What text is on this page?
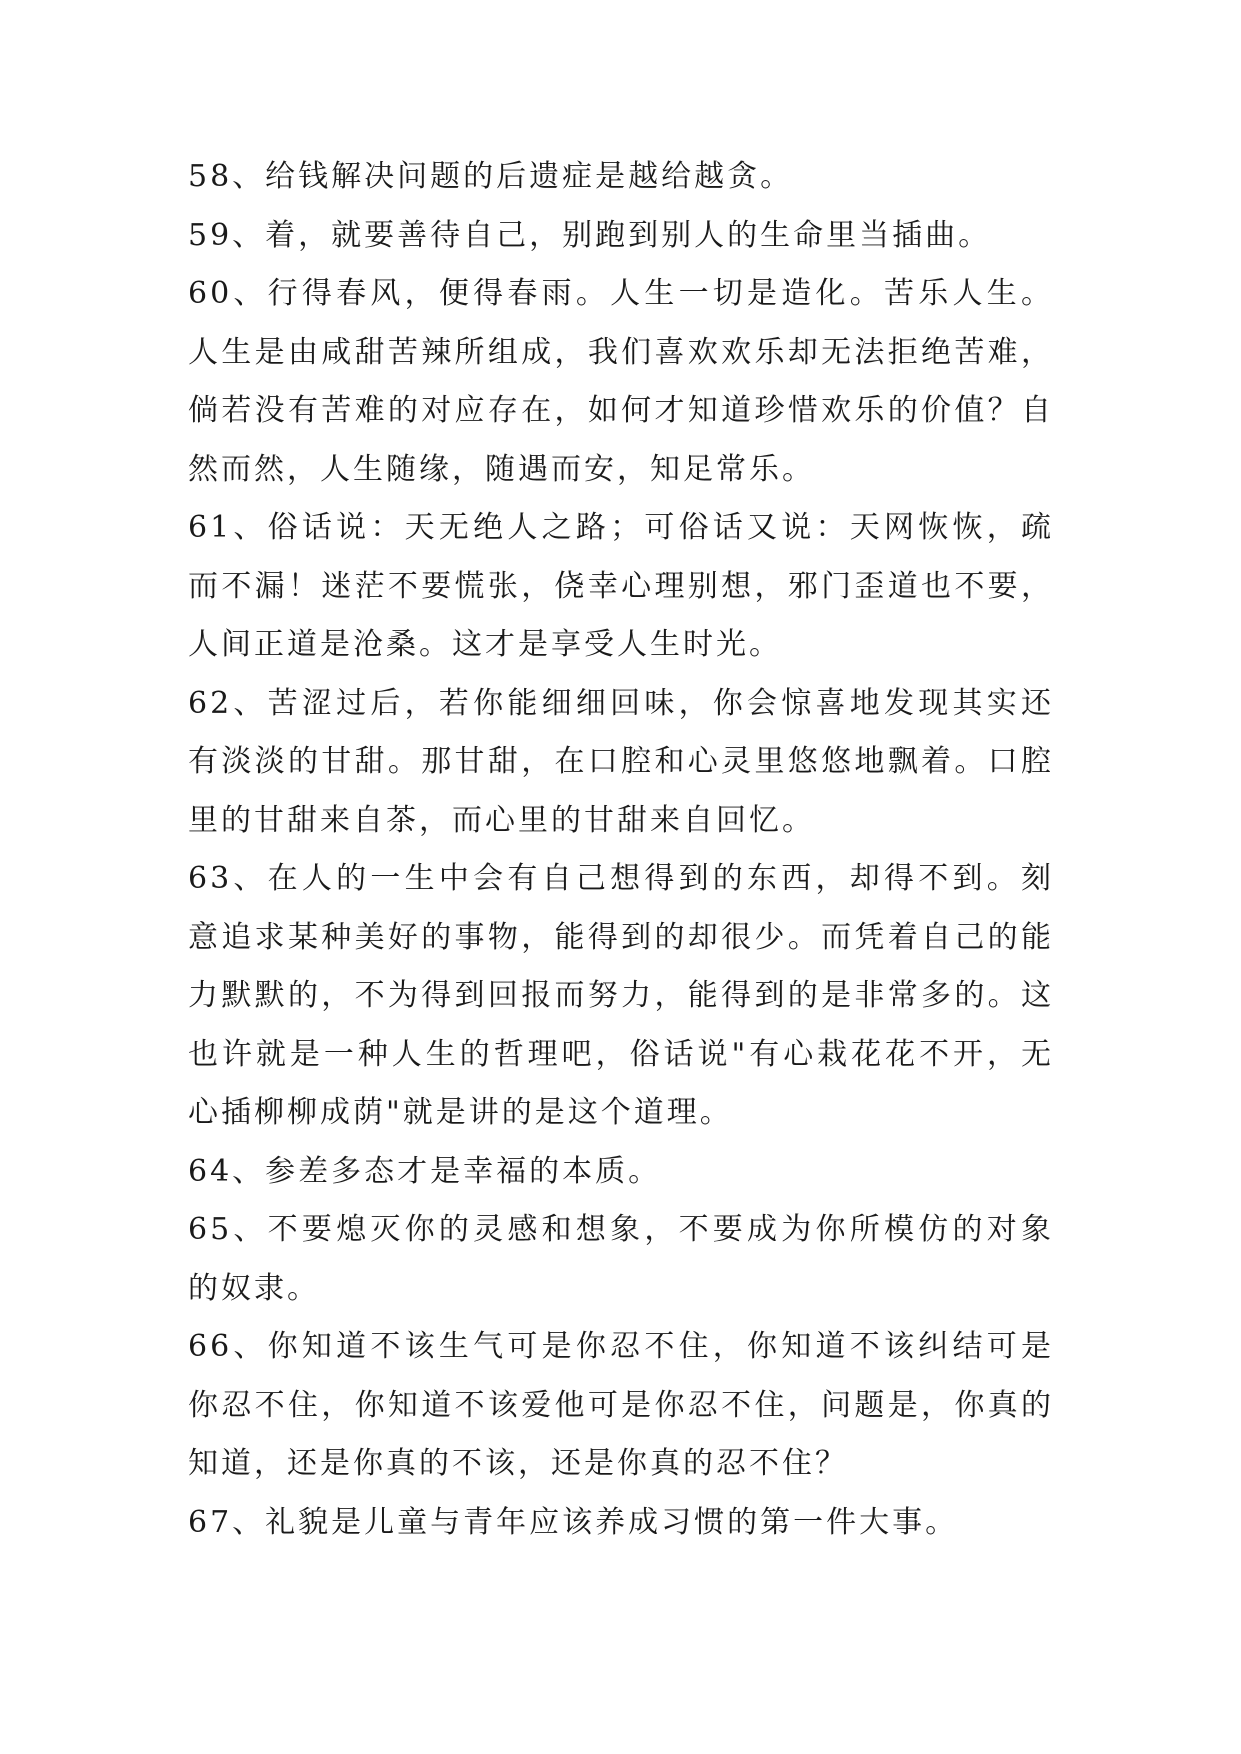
58、给钱解决问题的后遗症是越给越贪。

59、着，就要善待自己，别跑到别人的生命里当插曲。

60、行得春风，便得春雨。人生一切是造化。苦乐人生。人生是由咸甜苦辣所组成，我们喜欢欢乐却无法拒绝苦难，倘若没有苦难的对应存在，如何才知道珍惜欢乐的价值？自然而然，人生随缘，随遇而安，知足常乐。

61、俗话说：天无绝人之路；可俗话又说：天网恢恢，疏而不漏！迷茫不要慌张，侥幸心理别想，邪门歪道也不要，人间正道是沧桑。这才是享受人生时光。

62、苦涩过后，若你能细细回味，你会惊喜地发现其实还有淡淡的甘甜。那甘甜，在口腔和心灵里悠悠地飘着。口腔里的甘甜来自茶，而心里的甘甜来自回忆。

63、在人的一生中会有自己想得到的东西，却得不到。刻意追求某种美好的事物，能得到的却很少。而凭着自己的能力默默的，不为得到回报而努力，能得到的是非常多的。这也许就是一种人生的哲理吧，俗话说"有心栽花花不开，无心插柳柳成荫"就是讲的是这个道理。

64、参差多态才是幸福的本质。

65、不要熄灭你的灵感和想象，不要成为你所模仿的对象的奴隶。

66、你知道不该生气可是你忍不住，你知道不该纠结可是你忍不住，你知道不该爱他可是你忍不住，问题是，你真的知道，还是你真的不该，还是你真的忍不住？

67、礼貌是儿童与青年应该养成习惯的第一件大事。
